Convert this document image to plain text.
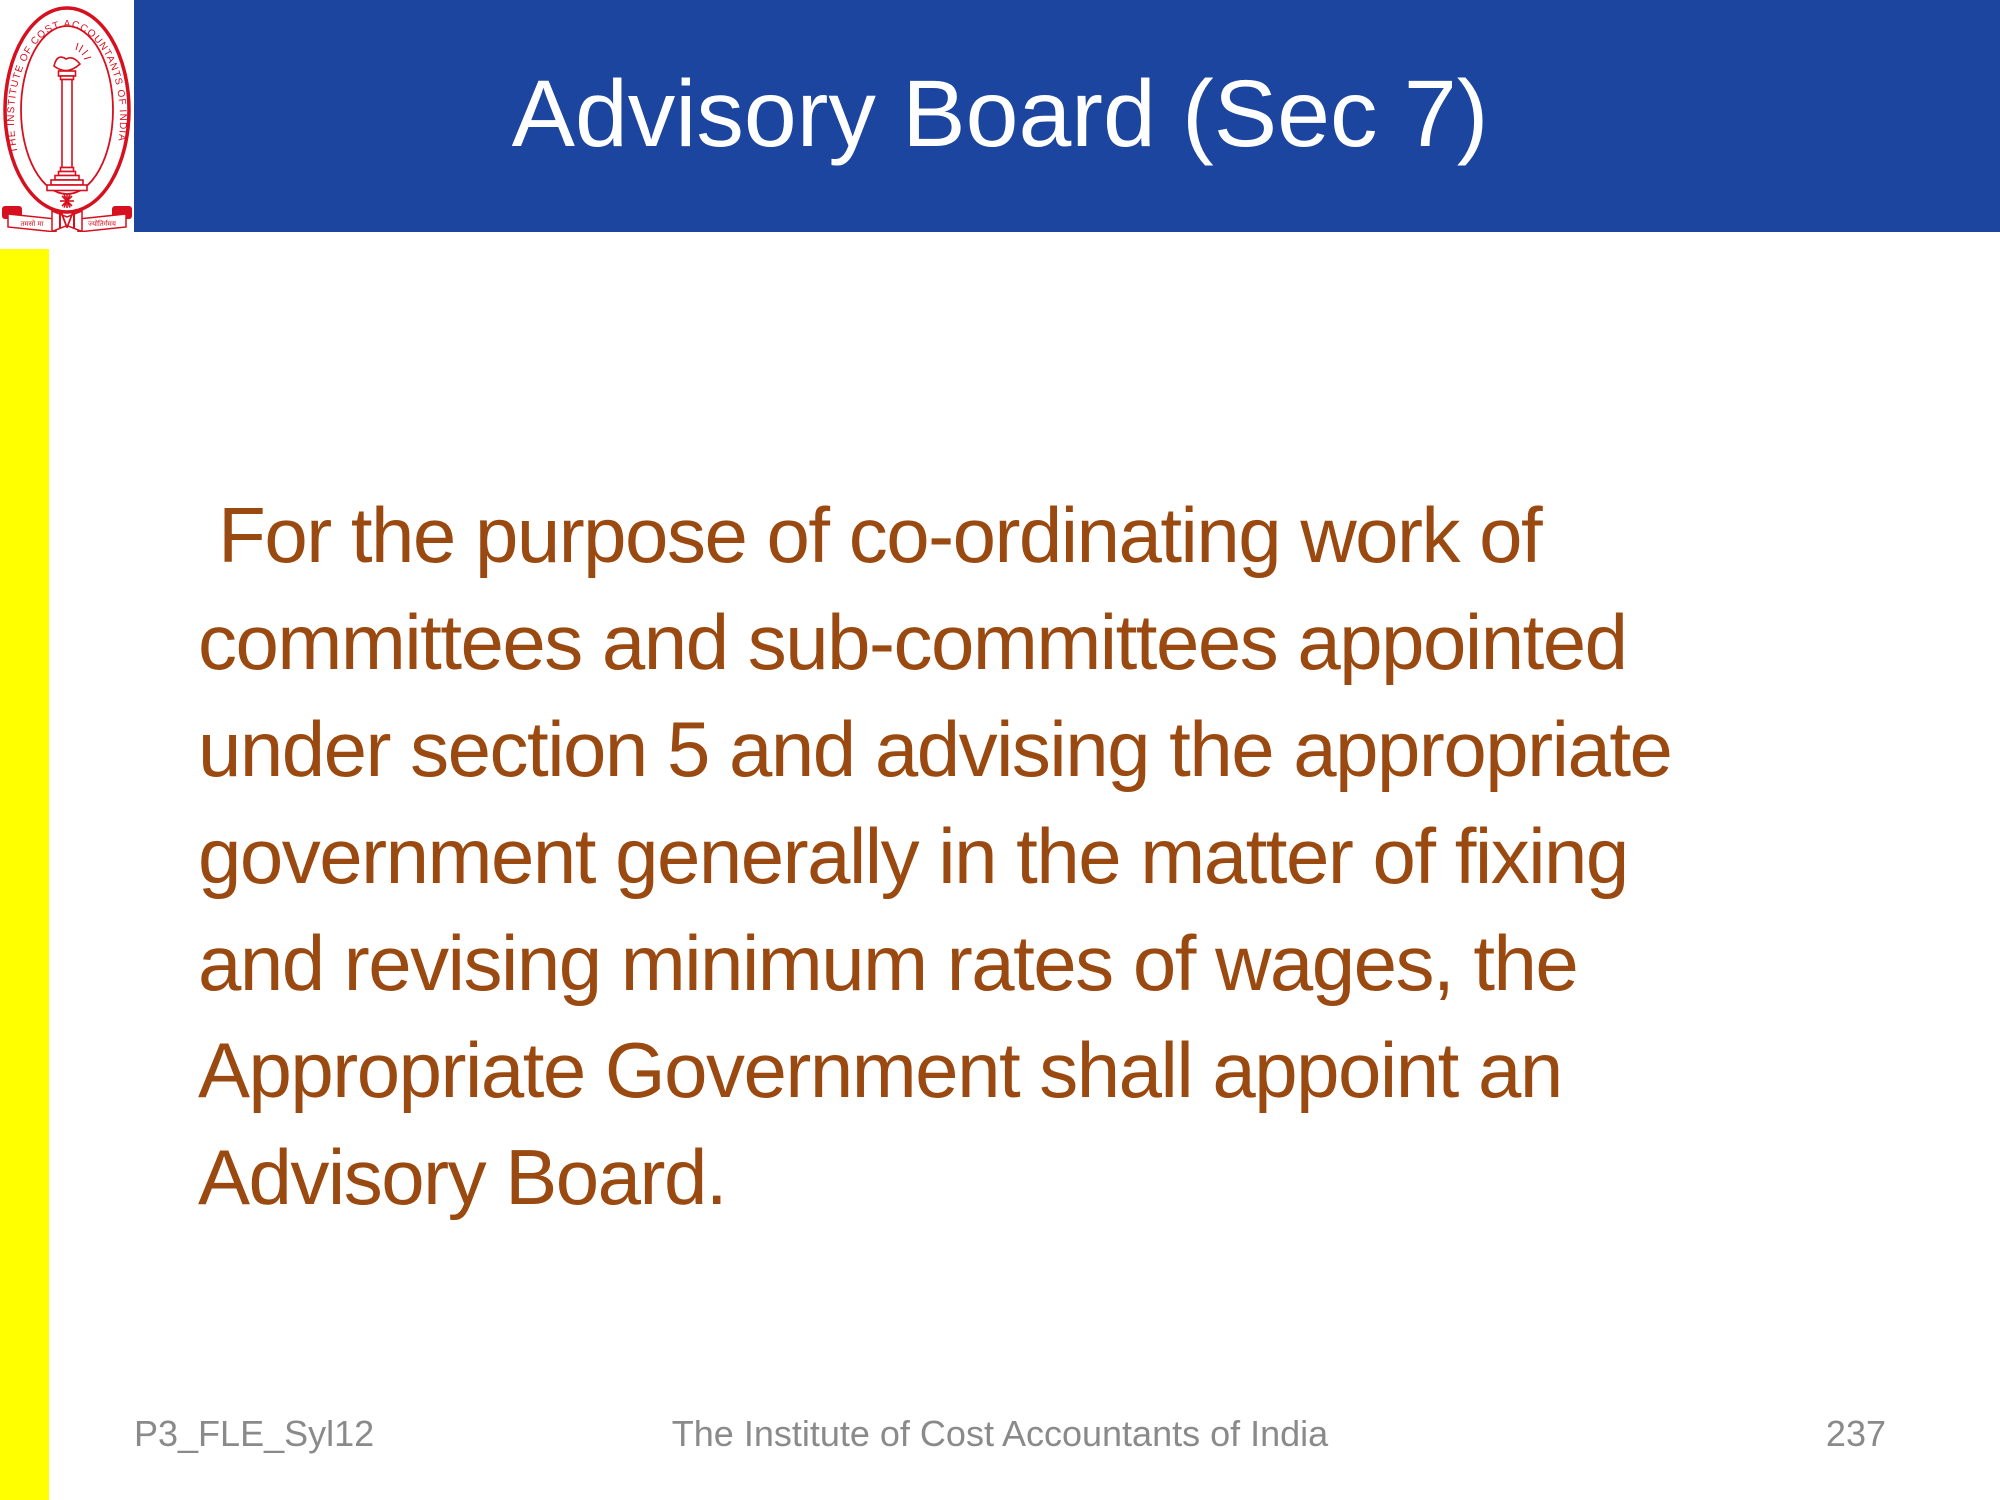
THE INSTITUTE OF COST ACCOUNTANTS OF INDIA
तमसो मा	ज्योतिर्गमय
M
Advisory Board (Sec 7)
For the purpose of co-ordinating work of
committees and sub-committees appointed
under section 5 and advising the appropriate
government generally in the matter of fixing
and revising minimum rates of wages, the
Appropriate Government shall appoint an
Advisory Board.
The Institute of Cost Accountants of India
P3_FLE_Syl12	237
